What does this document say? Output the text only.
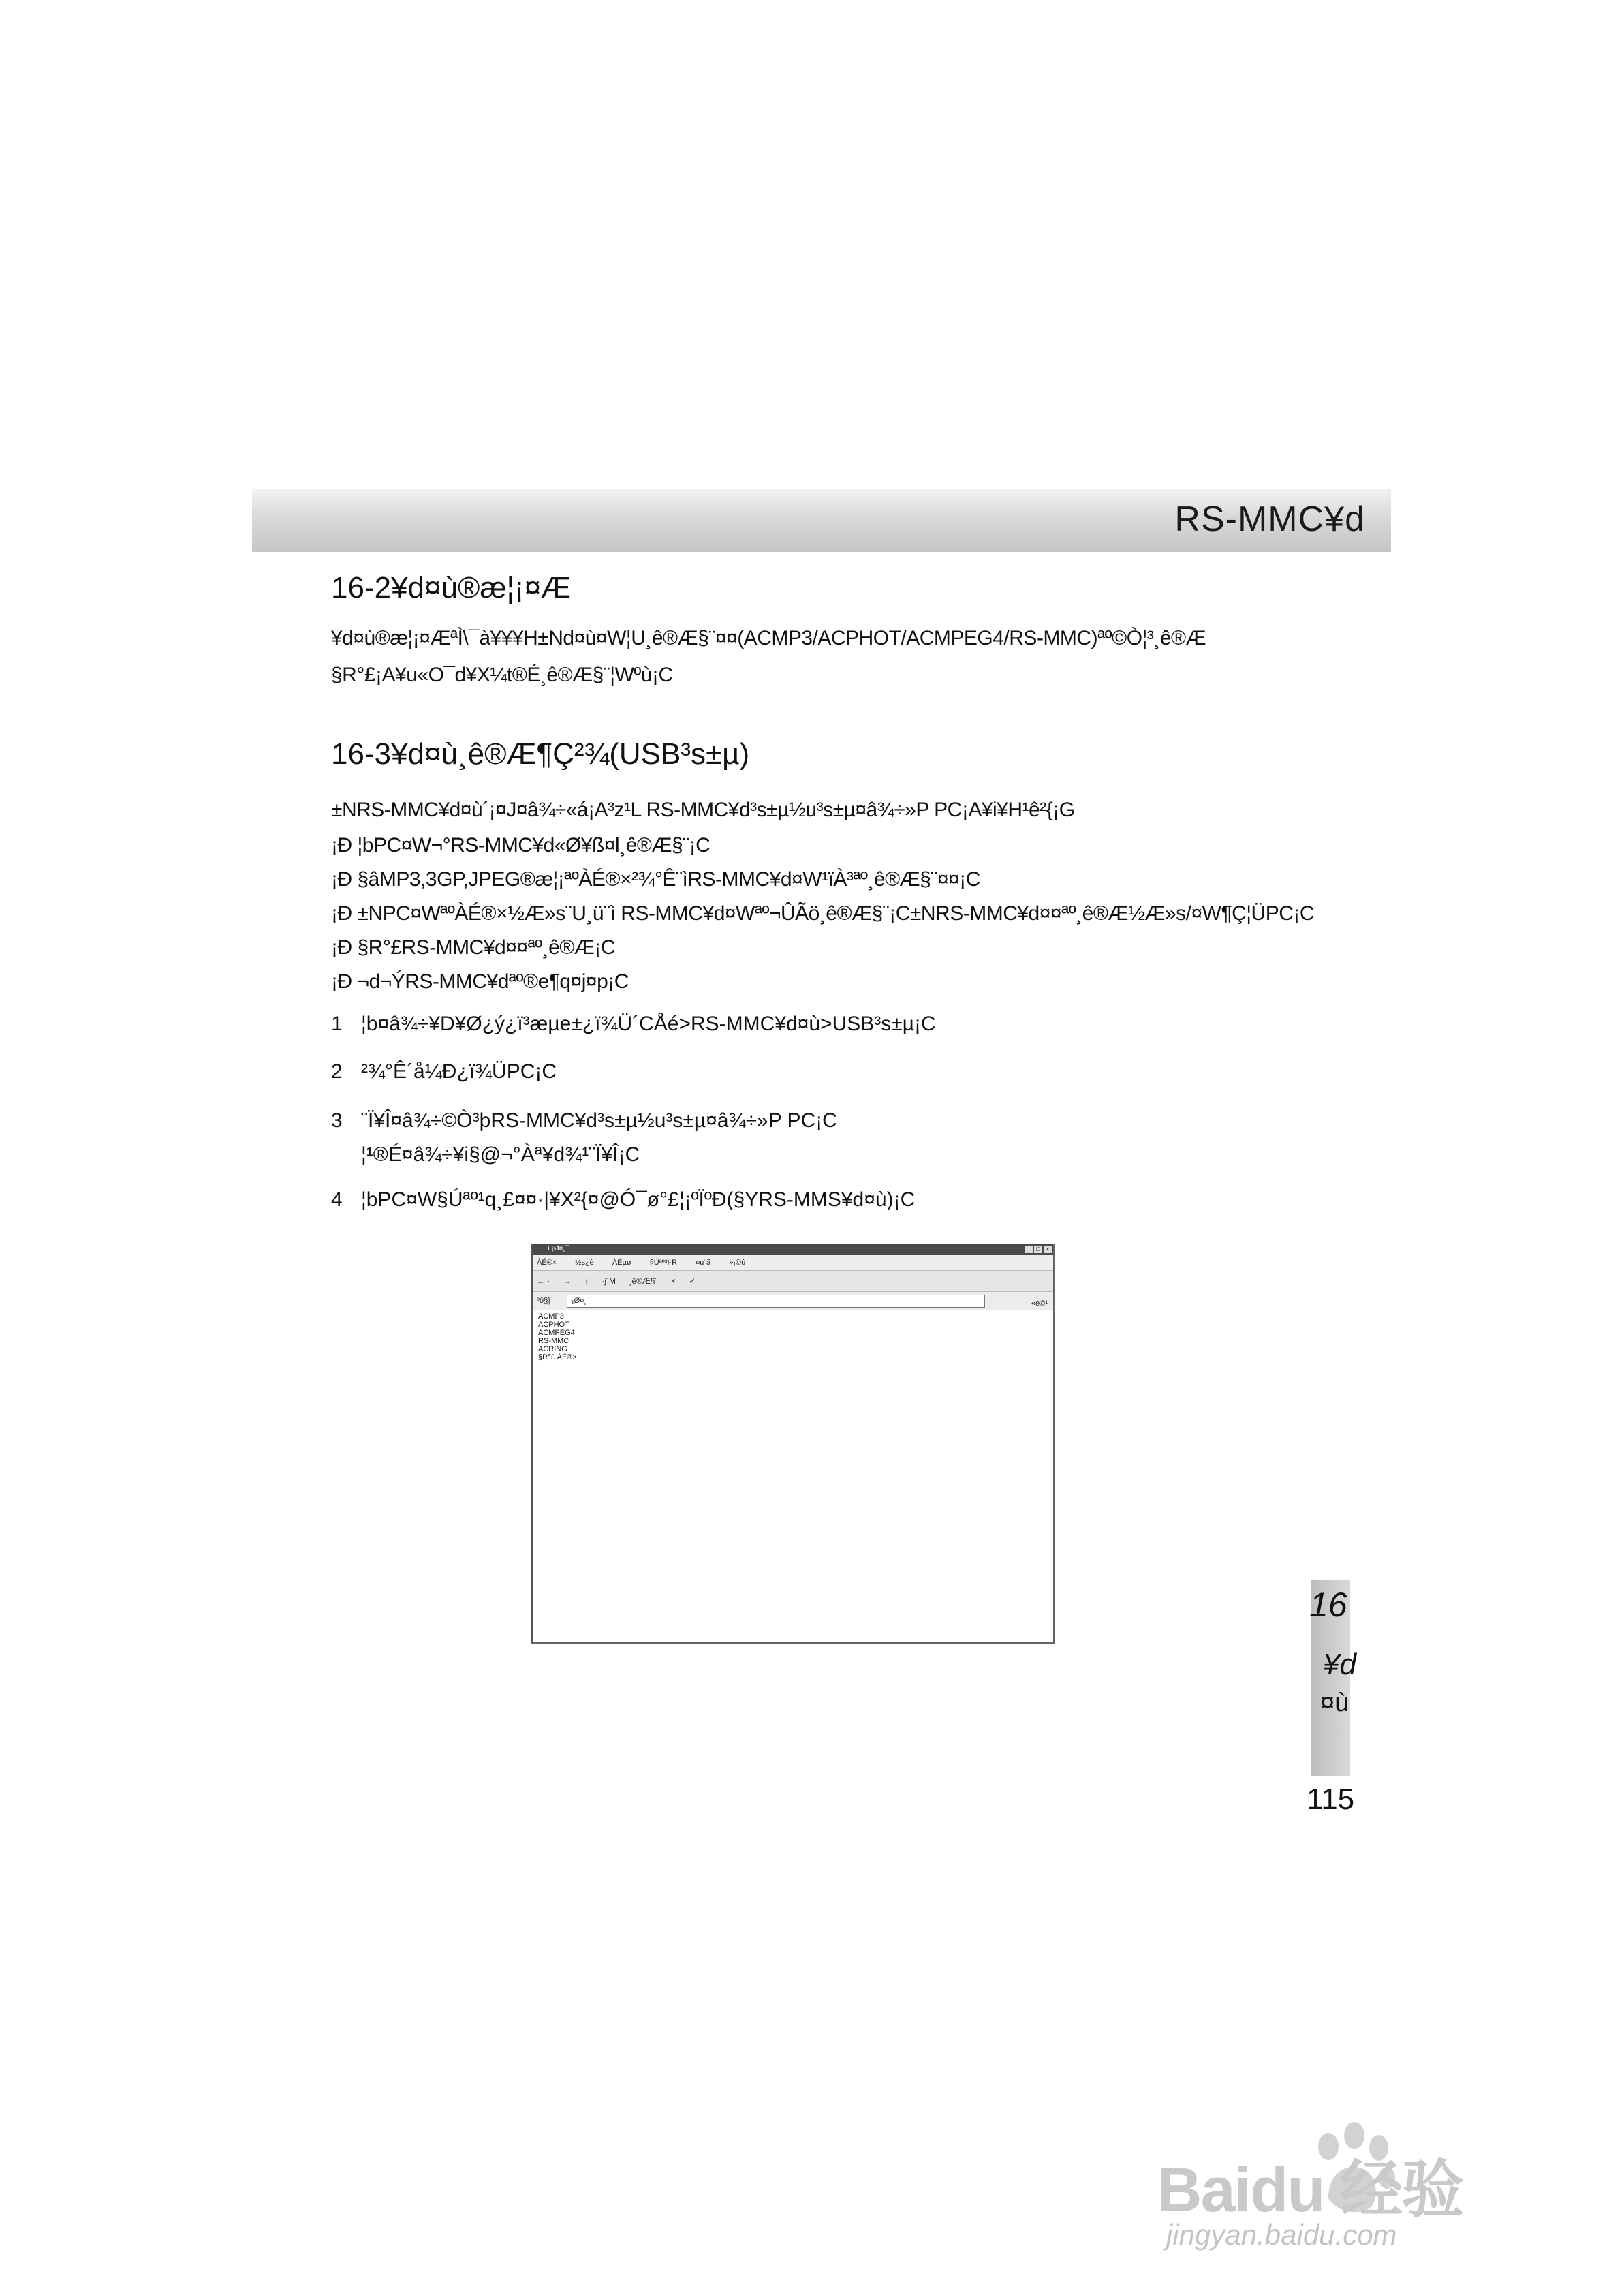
RS-MMC¥d
16-2¥d¤ù®æ¦¡¤Æ
¥d¤ù®æ¦¡¤ÆªÌ\¯à¥¥¥H±Nd¤ù¤W¦U¸ê®Æ§¨¤¤(ACMP3/ACPHOT/ACMPEG4/RS-MMC)ªº©Ò¦³¸ê®Æ
§R°£¡A¥u«O¯d¥X¼t®É¸ê®Æ§¨¦Wºù¡C
16-3¥d¤ù¸ê®Æ¶Ç²¾(USB³s±µ)
±NRS-MMC¥d¤ù´¡¤J¤â¾÷«á¡A³z¹L RS-MMC¥d³s±µ½u³s±µ¤â¾÷»P PC¡A¥i¥H¹ê²{¡G
¡Ð ¦bPC¤W¬°RS-MMC¥d«Ø¥ß¤l¸ê®Æ§¨¡C
¡Ð §âMP3,3GP,JPEG®æ¦¡ªºÀÉ®×²¾°Ê¨ìRS-MMC¥d¤W¹ïÀ³ªº¸ê®Æ§¨¤¤¡C
¡Ð ±NPC¤WªºÀÉ®×½Æ»s¨U¸ü¨ì RS-MMC¥d¤Wªº¬ÛÃö¸ê®Æ§¨¡C±NRS-MMC¥d¤¤ªº¸ê®Æ½Æ»s/¤W¶Ç¦ÜPC¡C
¡Ð §R°£RS-MMC¥d¤¤ªº¸ê®Æ¡C
¡Ð ¬d¬ÝRS-MMC¥dªº®e¶q¤j¤p¡C
1 ¦b¤â¾÷¥D¥Ø¿ý¿ï³æµe±¿ï¾Ü´CÅé>RS-MMC¥d¤ù>USB³s±µ¡C
2 ²¾°Ê´å¼Ð¿ï¾ÜPC¡C
3 ¨Ï¥Î¤â¾÷©Ò³þRS-MMC¥d³s±µ½u³s±µ¤â¾÷»P PC¡C
¦¹®É¤â¾÷¥i§@¬°Àª¥d¾¹¨Ï¥Î¡C
4 ¦bPC¤W§Úªº¹q¸£¤¤·|¥X²{¤@Ó¯ø°£¦¡ºÏºÐ(§YRS-MMS¥d¤ù)¡C
ì ¡Ø¤¸¯	_ □ ×
ÀÉ®× ½s¿è ÀËµø §Úªº³Ì·R ¤u¨ã »¡©ú
← · → ↑ ·j´M ¸ê®Æ§¨ × ✓
ºô§}	¡Ø¤¸¯	«e©¹
ACMP3
ACPHOT
ACMPEG4
RS-MMC
ACRING
§R°£ ÀÉ®×
16
¥d
¤ù
115
Baidu 经验
jingyan.baidu.com
